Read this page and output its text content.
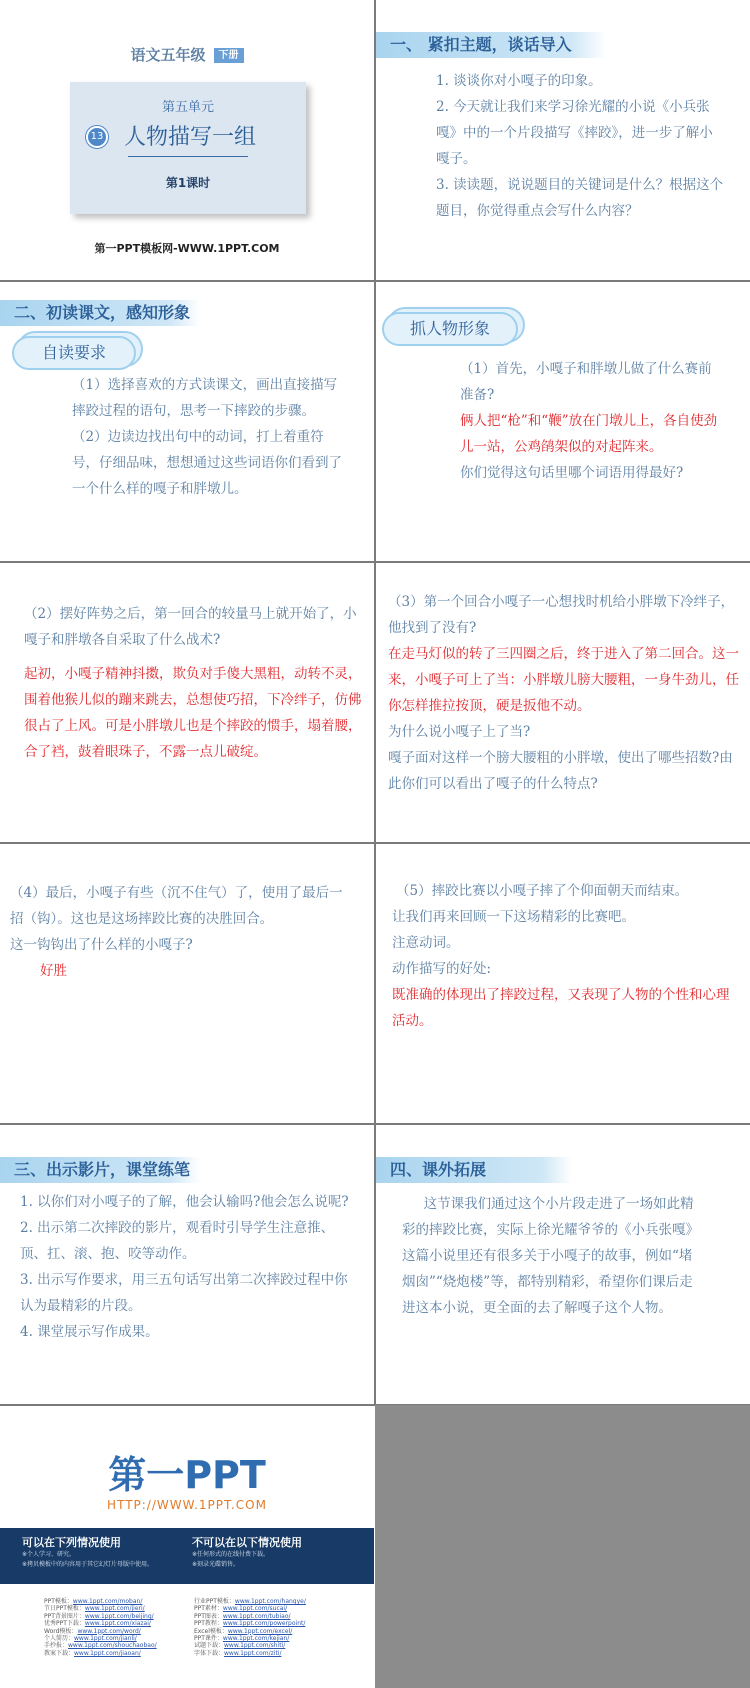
语文五年级 下册
第五单元
13 人物描写一组
第1课时
第一PPT模板网-WWW.1PPT.COM
一、 紧扣主题，谈话导入
1. 谈谈你对小嘎子的印象。
2. 今天就让我们来学习徐光耀的小说《小兵张嘎》中的一个片段描写《摔跤》，进一步了解小嘎子。
3. 读读题，说说题目的关键词是什么？根据这个题目，你觉得重点会写什么内容？
二、初读课文，感知形象
自读要求
（1）选择喜欢的方式读课文，画出直接描写摔跤过程的语句，思考一下摔跤的步骤。
（2）边读边找出句中的动词，打上着重符号，仔细品味，想想通过这些词语你们看到了一个什么样的嘎子和胖墩儿。
抓人物形象
（1）首先，小嘎子和胖墩儿做了什么赛前准备?
俩人把“枪”和“鞭”放在门墩儿上，各自使劲儿一站，公鸡鹐架似的对起阵来。
你们觉得这句话里哪个词语用得最好?
（2）摆好阵势之后，第一回合的较量马上就开始了，小嘎子和胖墩各自采取了什么战术?
起初，小嘎子精神抖擞，欺负对手傻大黑粗，动转不灵，围着他猴儿似的蹦来跳去，总想使巧招，下冷绊子，仿佛很占了上风。可是小胖墩儿也是个摔跤的惯手，塌着腰，合了裆，鼓着眼珠子，不露一点儿破绽。
（3）第一个回合小嘎子一心想找时机给小胖墩下冷绊子，他找到了没有?
在走马灯似的转了三四圈之后，终于进入了第二回合。这一来，小嘎子可上了当：小胖墩儿膀大腰粗，一身牛劲儿，任你怎样推拉按顶，硬是扳他不动。
为什么说小嘎子上了当?
嘎子面对这样一个膀大腰粗的小胖墩，使出了哪些招数?由此你们可以看出了嘎子的什么特点?
（4）最后，小嘎子有些（沉不住气）了，使用了最后一招（钩）。这也是这场摔跤比赛的决胜回合。
这一钩钩出了什么样的小嘎子?
好胜
（5）摔跤比赛以小嘎子摔了个仰面朝天而结束。
让我们再来回顾一下这场精彩的比赛吧。
注意动词。
动作描写的好处:
既准确的体现出了摔跤过程，又表现了人物的个性和心理活动。
三、出示影片，课堂练笔
1. 以你们对小嘎子的了解，他会认输吗?他会怎么说呢?
2. 出示第二次摔跤的影片，观看时引导学生注意推、顶、扛、滚、抱、咬等动作。
3. 出示写作要求，用三五句话写出第二次摔跤过程中你认为最精彩的片段。
4. 课堂展示写作成果。
四、课外拓展
这节课我们通过这个小片段走进了一场如此精彩的摔跤比赛，实际上徐光耀爷爷的《小兵张嘎》这篇小说里还有很多关于小嘎子的故事，例如“堵烟囱”“烧炮楼”等，都特别精彩，希望你们课后走进这本小说，更全面的去了解嘎子这个人物。
第一PPT
HTTP://WWW.1PPT.COM
可以在下列情况使用
※个人学习、研究。
※拷贝模板中的内容用于其它幻灯片母版中使用。
不可以在以下情况使用
※任何形式的在线付费下载。
※刻录光碟销售。
PPT模板：www.1ppt.com/moban/
节日PPT模板：www.1ppt.com/jieri/
PPT背景图片：www.1ppt.com/beijing/
优秀PPT下载：www.1ppt.com/xiazai/
Word模板：www.1ppt.com/word/
个人简历：www.1ppt.com/jianli/
手抄报：www.1ppt.com/shouchaobao/
教案下载：www.1ppt.com/jiaoan/
行业PPT模板：www.1ppt.com/hangye/
PPT素材：www.1ppt.com/sucai/
PPT图表：www.1ppt.com/tubiao/
PPT教程：www.1ppt.com/powerpoint/
Excel模板：www.1ppt.com/excel/
PPT课件：www.1ppt.com/kejian/
试题下载：www.1ppt.com/shiti/
字体下载：www.1ppt.com/ziti/
